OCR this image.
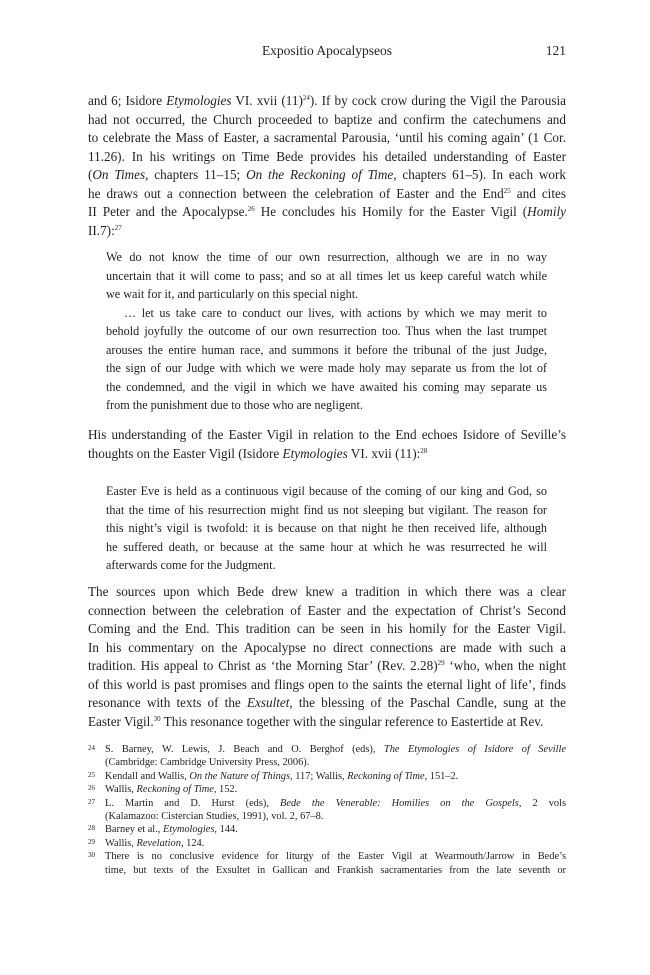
Expositio Apocalypseos	121
and 6; Isidore Etymologies VI. xvii $(11)^{24}$). If by cock crow during the Vigil the Parousia
had not occurred, the Church proceeded to baptize and confirm the catechumens and
to celebrate the Mass of Easter, a sacramental Parousia, ‘until his coming again’ (1 Cor.
11.26). In his writings on Time Bede provides his detailed understanding of Easter
(On Times, chapters 11–15; On the Reckoning of Time, chapters 61–5). In each work
he draws out a connection between the celebration of Easter and the End$^{25}$ and cites
II Peter and the Apocalypse.$^{26}$ He concludes his Homily for the Easter Vigil (Homily
II.7):$^{27}$
We do not know the time of our own resurrection, although we are in no way
uncertain that it will come to pass; and so at all times let us keep careful watch while
we wait for it, and particularly on this special night.
… let us take care to conduct our lives, with actions by which we may merit to
behold joyfully the outcome of our own resurrection too. Thus when the last trumpet
arouses the entire human race, and summons it before the tribunal of the just Judge,
the sign of our Judge with which we were made holy may separate us from the lot of
the condemned, and the vigil in which we have awaited his coming may separate us
from the punishment due to those who are negligent.
His understanding of the Easter Vigil in relation to the End echoes Isidore of Seville’s
thoughts on the Easter Vigil (Isidore Etymologies VI. xvii (11):$^{28}$
Easter Eve is held as a continuous vigil because of the coming of our king and God, so
that the time of his resurrection might find us not sleeping but vigilant. The reason for
this night’s vigil is twofold: it is because on that night he then received life, although
he suffered death, or because at the same hour at which he was resurrected he will
afterwards come for the Judgment.
The sources upon which Bede drew knew a tradition in which there was a clear
connection between the celebration of Easter and the expectation of Christ’s Second
Coming and the End. This tradition can be seen in his homily for the Easter Vigil.
In his commentary on the Apocalypse no direct connections are made with such a
tradition. His appeal to Christ as ‘the Morning Star’ (Rev. 2.28)$^{29}$ ‘who, when the night
of this world is past promises and flings open to the saints the eternal light of life’, finds
resonance with texts of the Exsultet, the blessing of the Paschal Candle, sung at the
Easter Vigil.$^{30}$ This resonance together with the singular reference to Eastertide at Rev.
24 S. Barney, W. Lewis, J. Beach and O. Berghof (eds), The Etymologies of Isidore of Seville
(Cambridge: Cambridge University Press, 2006).
25 Kendall and Wallis, On the Nature of Things, 117; Wallis, Reckoning of Time, 151–2.
26 Wallis, Reckoning of Time, 152.
27 L. Martin and D. Hurst (eds), Bede the Venerable: Homilies on the Gospels, 2 vols
(Kalamazoo: Cistercian Studies, 1991), vol. 2, 67–8.
28 Barney et al., Etymologies, 144.
29 Wallis, Revelation, 124.
30 There is no conclusive evidence for liturgy of the Easter Vigil at Wearmouth/Jarrow in Bede’s
time, but texts of the Exsultet in Gallican and Frankish sacramentaries from the late seventh or
